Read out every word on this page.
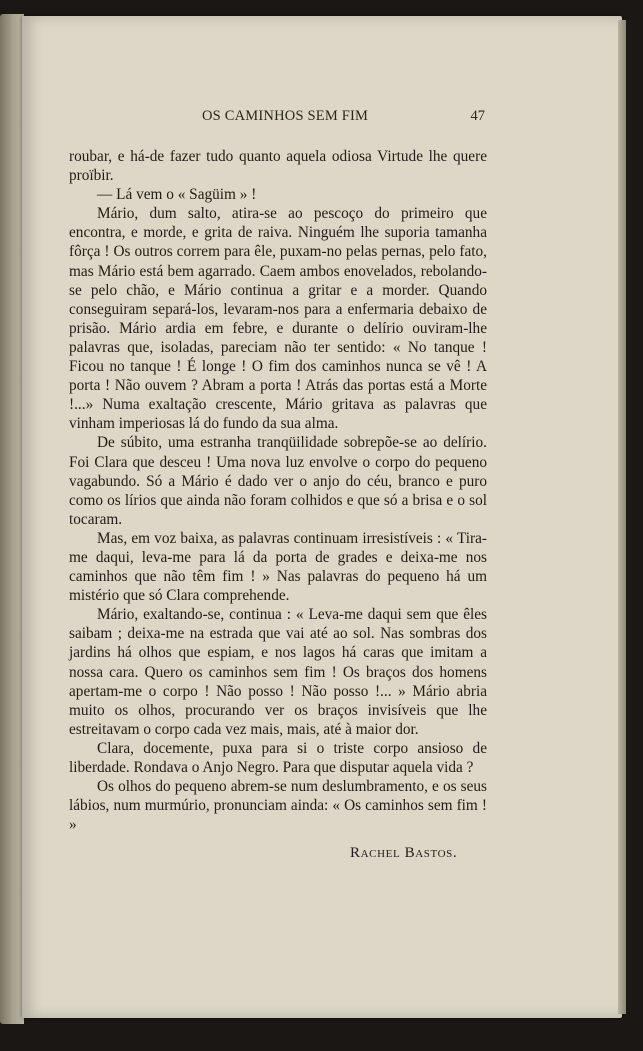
OS CAMINHOS SEM FIM	47

roubar, e há-de fazer tudo quanto aquela odiosa Virtude lhe quere proïbir.

— Lá vem o « Sagüim » !

Mário, dum salto, atira-se ao pescoço do primeiro que encontra, e morde, e grita de raiva. Ninguém lhe suporia tamanha fôrça ! Os outros correm para êle, puxam-no pelas pernas, pelo fato, mas Mário está bem agarrado. Caem ambos enovelados, rebolando-se pelo chão, e Mário continua a gritar e a morder. Quando conseguiram separá-los, levaram-nos para a enfermaria debaixo de prisão. Mário ardia em febre, e durante o delírio ouviram-lhe palavras que, isoladas, pareciam não ter sentido: « No tanque ! Ficou no tanque ! É longe ! O fim dos caminhos nunca se vê ! A porta ! Não ouvem ? Abram a porta ! Atrás das portas está a Morte !...» Numa exaltação crescente, Mário gritava as palavras que vinham imperiosas lá do fundo da sua alma.

De súbito, uma estranha tranqüilidade sobrepõe-se ao delírio. Foi Clara que desceu ! Uma nova luz envolve o corpo do pequeno vagabundo. Só a Mário é dado ver o anjo do céu, branco e puro como os lírios que ainda não foram colhidos e que só a brisa e o sol tocaram.

Mas, em voz baixa, as palavras continuam irresistíveis : « Tira-me daqui, leva-me para lá da porta de grades e deixa-me nos caminhos que não têm fim ! » Nas palavras do pequeno há um mistério que só Clara comprehende.

Mário, exaltando-se, continua : « Leva-me daqui sem que êles saibam ; deixa-me na estrada que vai até ao sol. Nas sombras dos jardins há olhos que espiam, e nos lagos há caras que imitam a nossa cara. Quero os caminhos sem fim ! Os braços dos homens apertam-me o corpo ! Não posso ! Não posso !... » Mário abria muito os olhos, procurando ver os braços invisíveis que lhe estreitavam o corpo cada vez mais, mais, até à maior dor.

Clara, docemente, puxa para si o triste corpo ansioso de liberdade. Rondava o Anjo Negro. Para que disputar aquela vida ?

Os olhos do pequeno abrem-se num deslumbramento, e os seus lábios, num murmúrio, pronunciam ainda: « Os caminhos sem fim ! »

Rachel Bastos.
